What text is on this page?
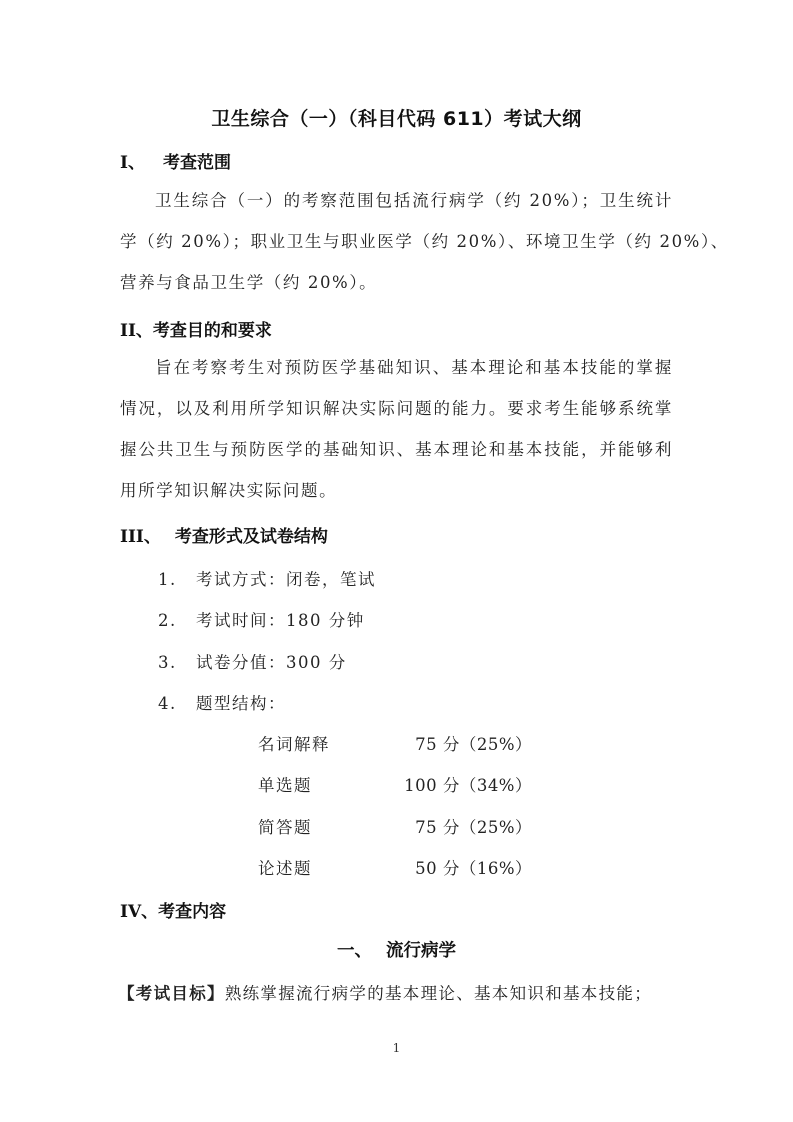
卫生综合（一）（科目代码 611）考试大纲
I、 考查范围
卫生综合（一）的考察范围包括流行病学（约 20%）；卫生统计
学（约 20%）；职业卫生与职业医学（约 20%）、环境卫生学（约 20%）、
营养与食品卫生学（约 20%）。
II、考查目的和要求
旨在考察考生对预防医学基础知识、基本理论和基本技能的掌握
情况，以及利用所学知识解决实际问题的能力。要求考生能够系统掌
握公共卫生与预防医学的基础知识、基本理论和基本技能，并能够利
用所学知识解决实际问题。
III、 考查形式及试卷结构
1. 考试方式：闭卷，笔试
2. 考试时间：180 分钟
3. 试卷分值：300 分
4. 题型结构：
名词解释	75 分（25%）
单选题	100 分（34%）
简答题	75 分（25%）
论述题	50 分（16%）
IV、考查内容
一、 流行病学
【考试目标】熟练掌握流行病学的基本理论、基本知识和基本技能；
1
